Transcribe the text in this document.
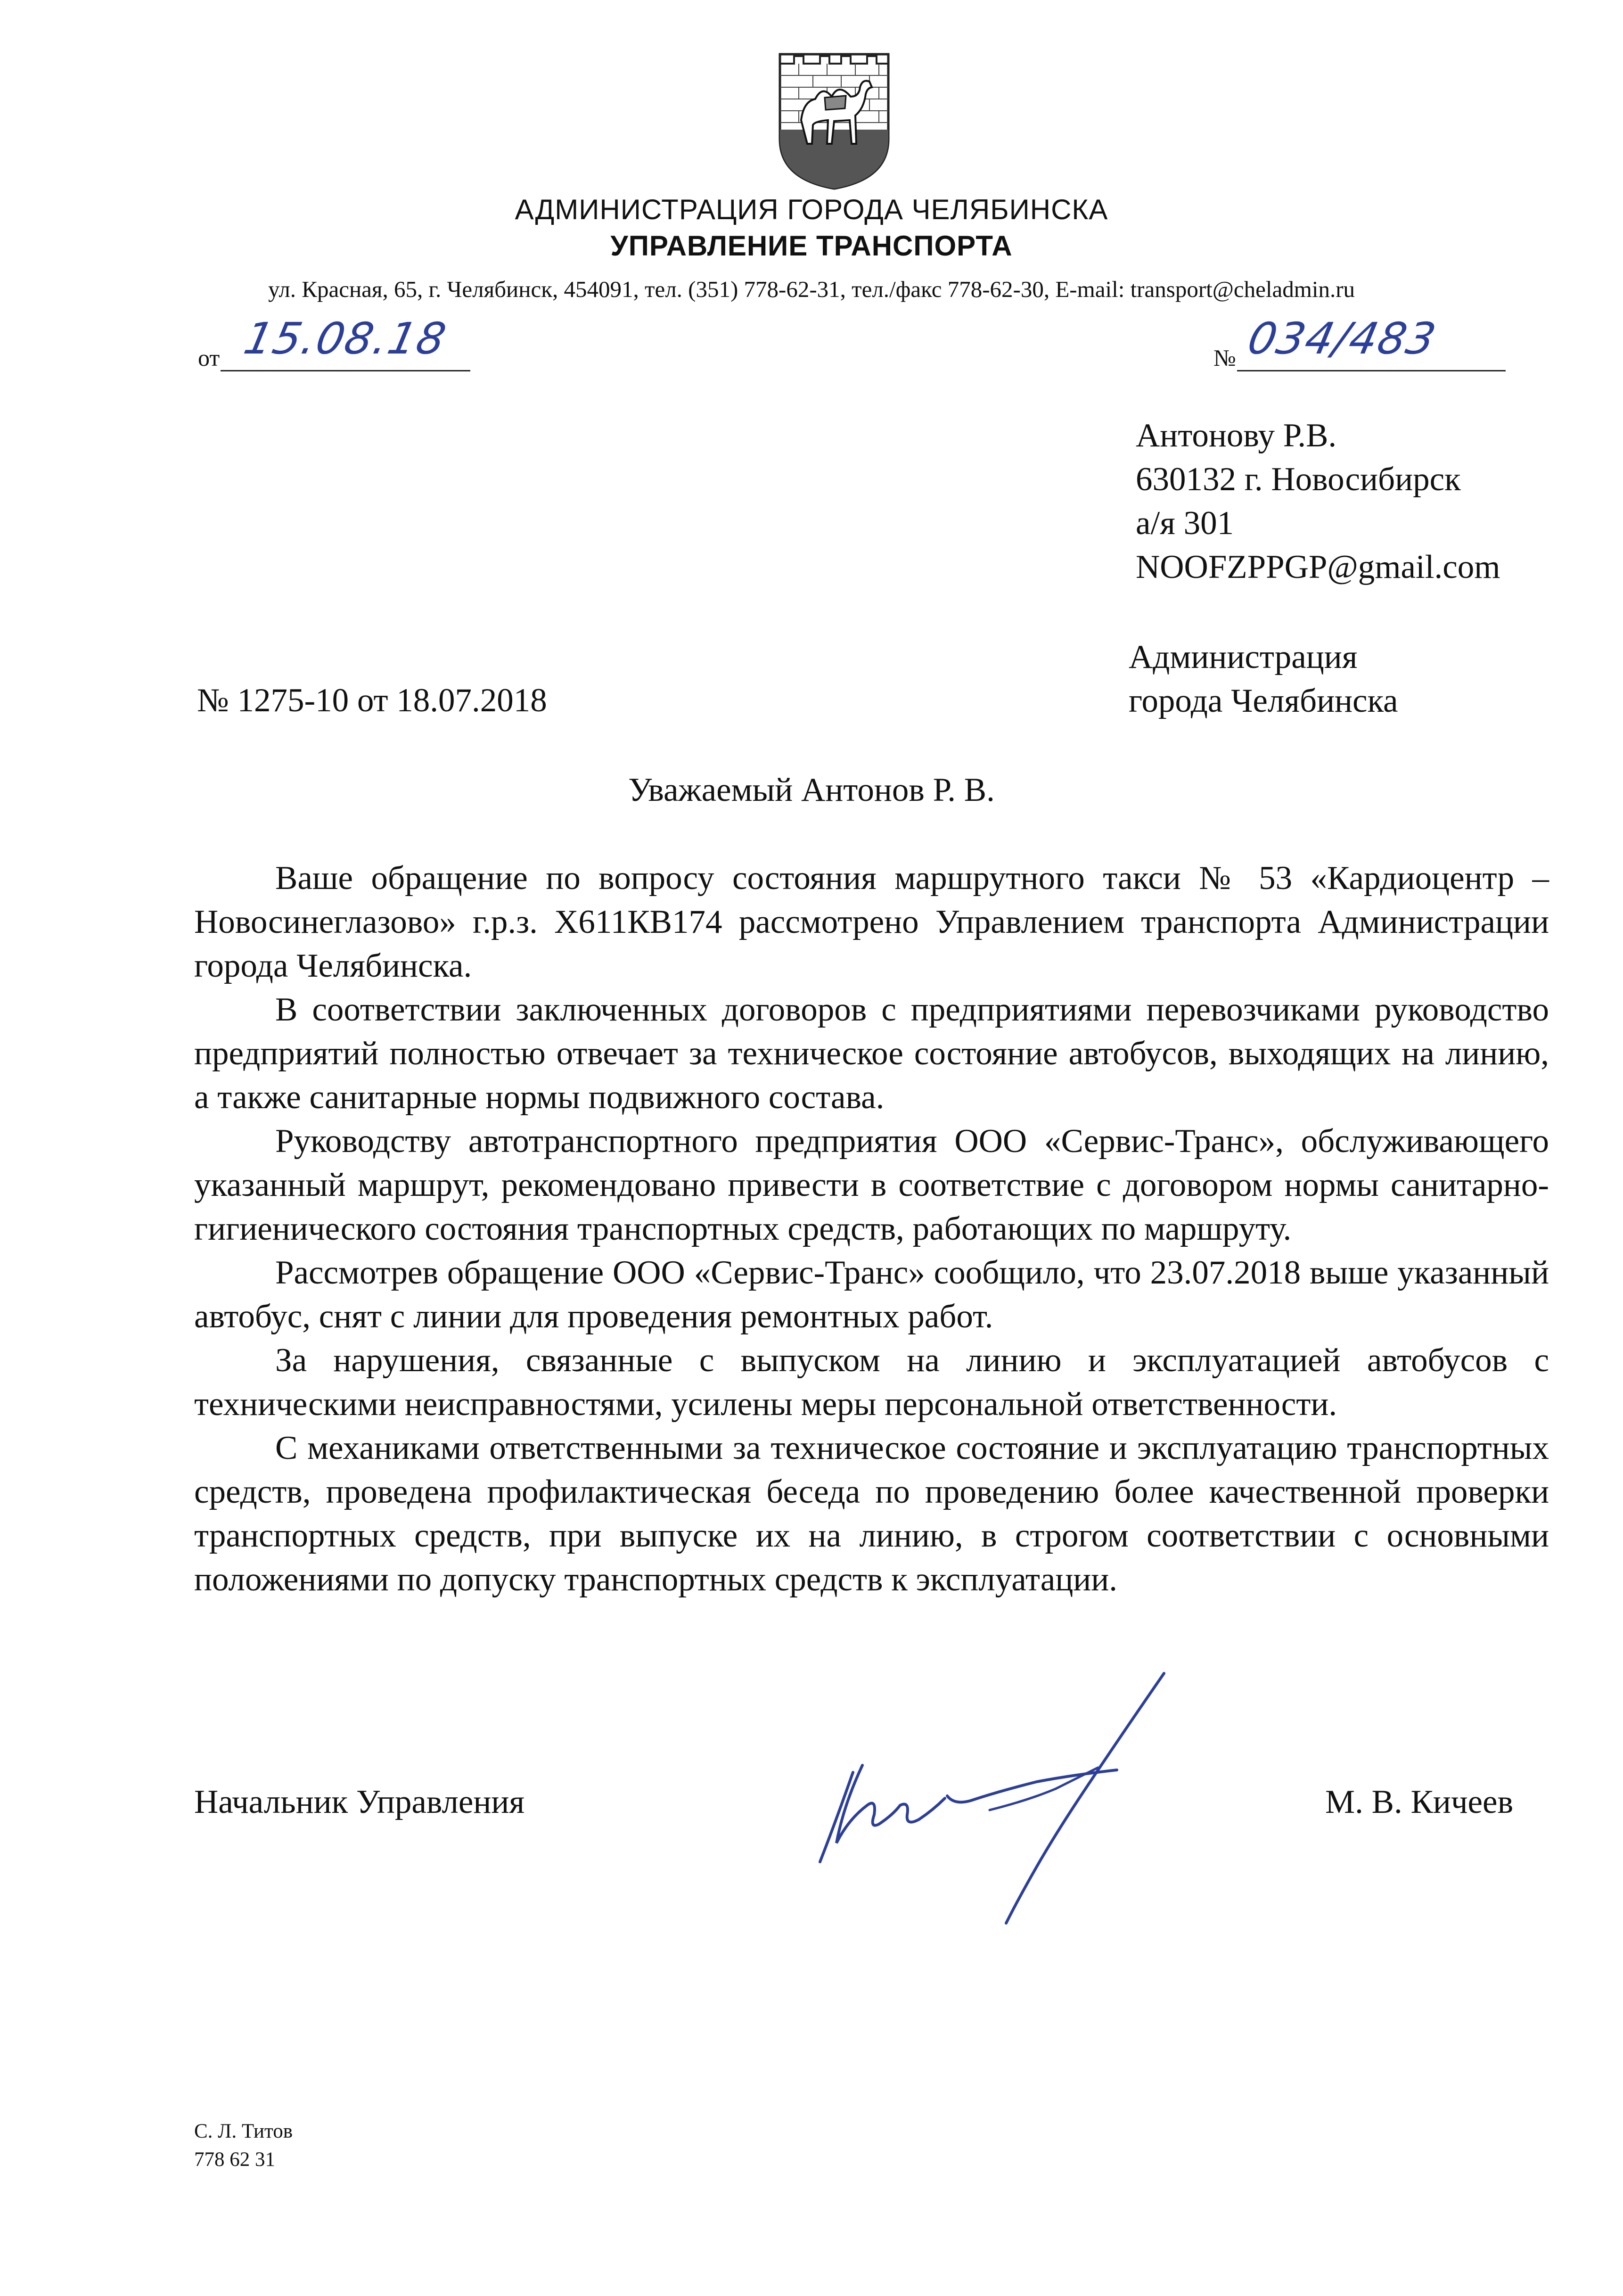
АДМИНИСТРАЦИЯ ГОРОДА ЧЕЛЯБИНСКА
УПРАВЛЕНИЕ ТРАНСПОРТА
ул. Красная, 65, г. Челябинск, 454091, тел. (351) 778-62-31, тел./факс 778-62-30, E-mail: transport@cheladmin.ru
от 15.08.18	№ 034/483
Антонову Р.В.
630132 г. Новосибирск
а/я 301
NOOFZPPGP@gmail.com
Администрация
города Челябинска
№ 1275-10 от 18.07.2018
Уважаемый Антонов Р. В.

Ваше обращение по вопросу состояния маршрутного такси № 53 «Кардиоцентр – Новосинеглазово» г.р.з. Х611КВ174 рассмотрено Управлением транспорта Администрации города Челябинска.

В соответствии заключенных договоров с предприятиями перевозчиками руководство предприятий полностью отвечает за техническое состояние автобусов, выходящих на линию, а также санитарные нормы подвижного состава.

Руководству автотранспортного предприятия ООО «Сервис-Транс», обслуживающего указанный маршрут, рекомендовано привести в соответствие с договором нормы санитарно-гигиенического состояния транспортных средств, работающих по маршруту.

Рассмотрев обращение ООО «Сервис-Транс» сообщило, что 23.07.2018 выше указанный автобус, снят с линии для проведения ремонтных работ.

За нарушения, связанные с выпуском на линию и эксплуатацией автобусов с техническими неисправностями, усилены меры персональной ответственности.

С механиками ответственными за техническое состояние и эксплуатацию транспортных средств, проведена профилактическая беседа по проведению более качественной проверки транспортных средств, при выпуске их на линию, в строгом соответствии с основными положениями по допуску транспортных средств к эксплуатации.

Начальник Управления	М. В. Кичеев
С. Л. Титов
778 62 31
